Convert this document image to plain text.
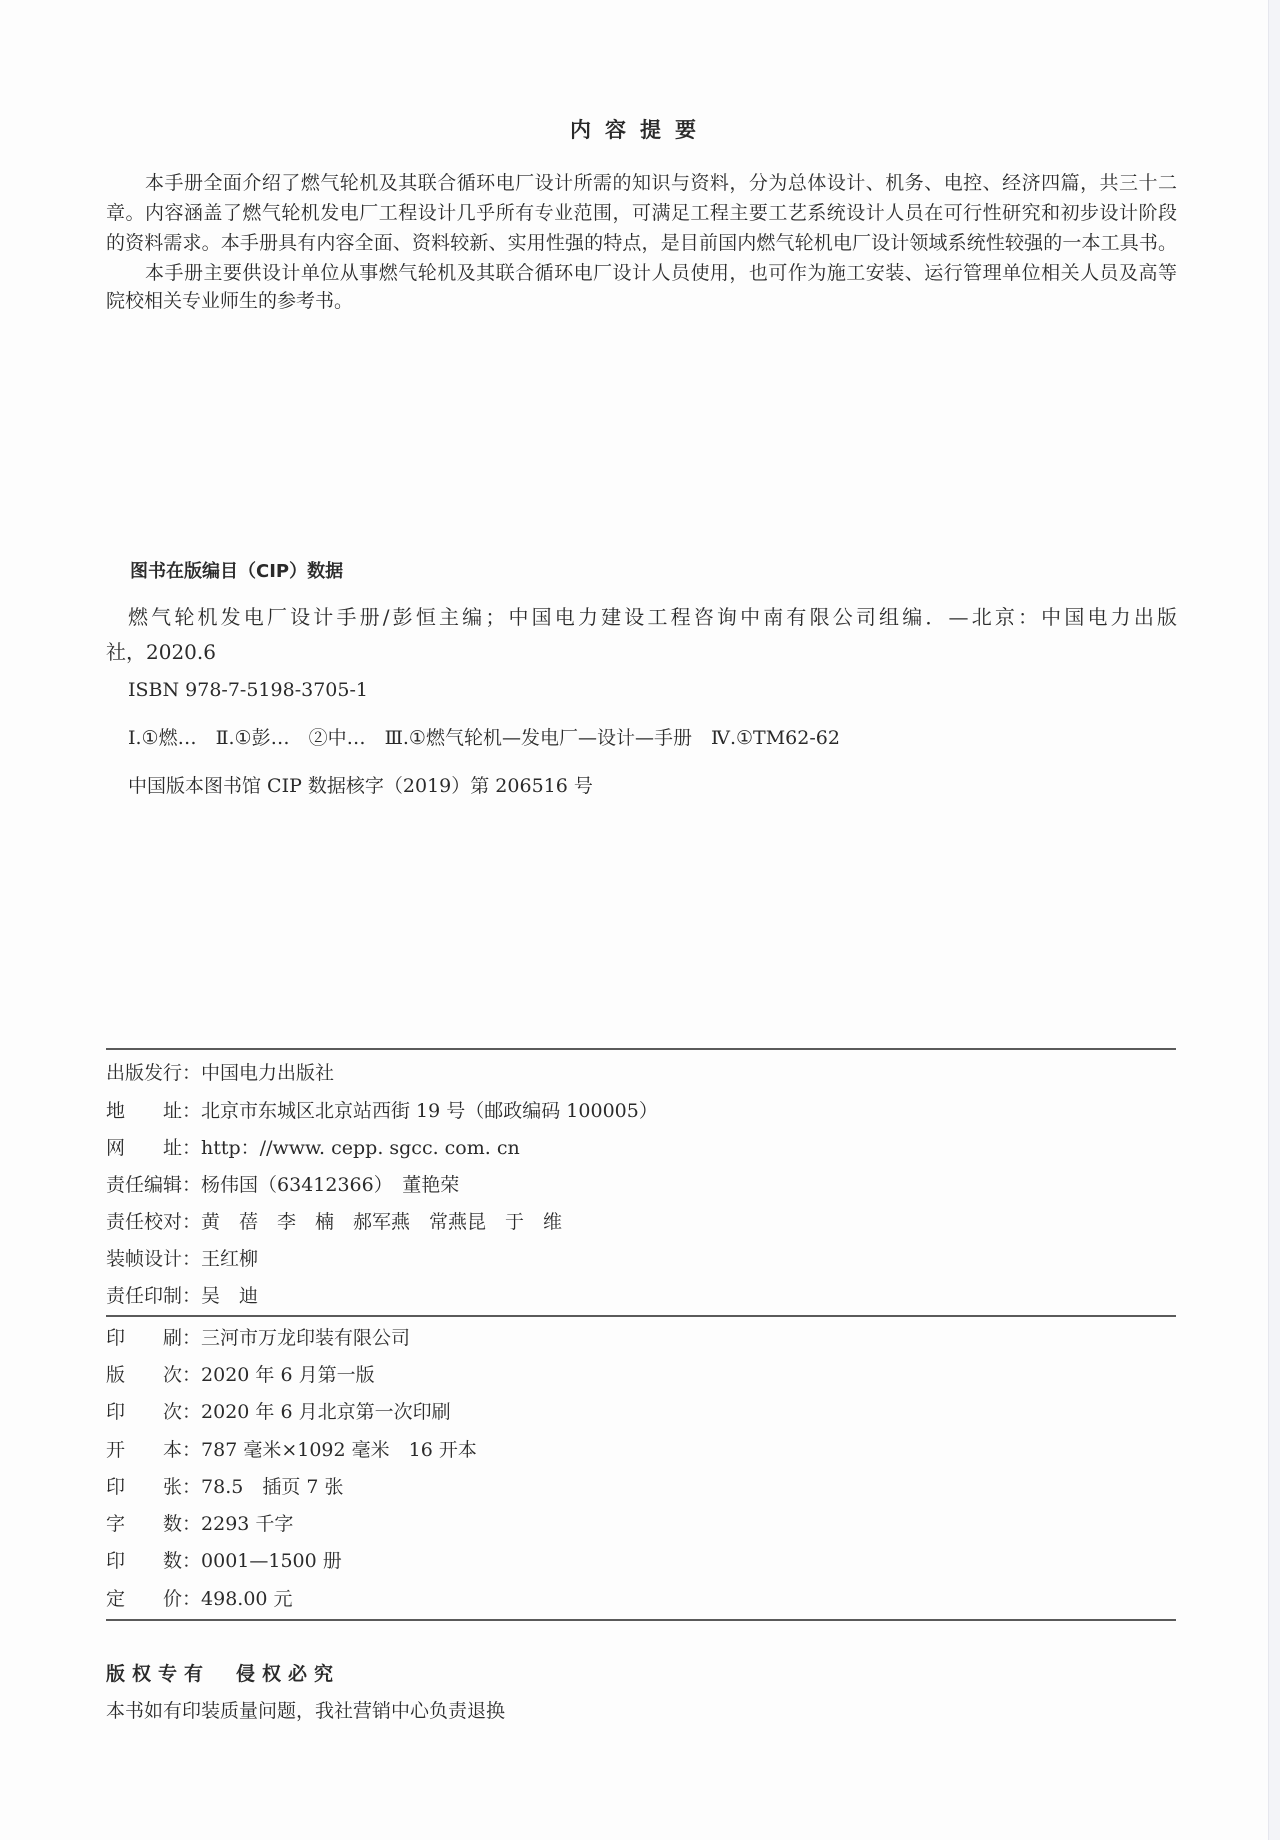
内容提要
本手册全面介绍了燃气轮机及其联合循环电厂设计所需的知识与资料，分为总体设计、机务、电控、经济四篇，共三十二
章。内容涵盖了燃气轮机发电厂工程设计几乎所有专业范围，可满足工程主要工艺系统设计人员在可行性研究和初步设计阶段
的资料需求。本手册具有内容全面、资料较新、实用性强的特点，是目前国内燃气轮机电厂设计领域系统性较强的一本工具书。
本手册主要供设计单位从事燃气轮机及其联合循环电厂设计人员使用，也可作为施工安装、运行管理单位相关人员及高等
院校相关专业师生的参考书。
图书在版编目（CIP）数据
燃气轮机发电厂设计手册/彭恒主编；中国电力建设工程咨询中南有限公司组编．—北京：中国电力出版
社，2020.6
ISBN 978-7-5198-3705-1
Ⅰ.①燃…　Ⅱ.①彭…　②中…　Ⅲ.①燃气轮机—发电厂—设计—手册　Ⅳ.①TM62-62
中国版本图书馆 CIP 数据核字（2019）第 206516 号
出版发行 ： 中国电力出版社
地址 ： 北京市东城区北京站西街 19 号（邮政编码 100005）
网址 ： http：//www. cepp. sgcc. com. cn
责任编辑 ： 杨伟国（63412366）　董艳荣
责任校对 ： 黄　蓓　李　楠　郝军燕　常燕昆　于　维
装帧设计 ： 王红柳
责任印制 ： 吴　迪
印刷 ： 三河市万龙印装有限公司
版次 ： 2020 年 6 月第一版
印次 ： 2020 年 6 月北京第一次印刷
开本 ： 787 毫米×1092 毫米　16 开本
印张 ： 78.5　插页 7 张
字数 ： 2293 千字
印数 ： 0001—1500 册
定价 ： 498.00 元
版权专有　侵权必究
本书如有印装质量问题，我社营销中心负责退换
